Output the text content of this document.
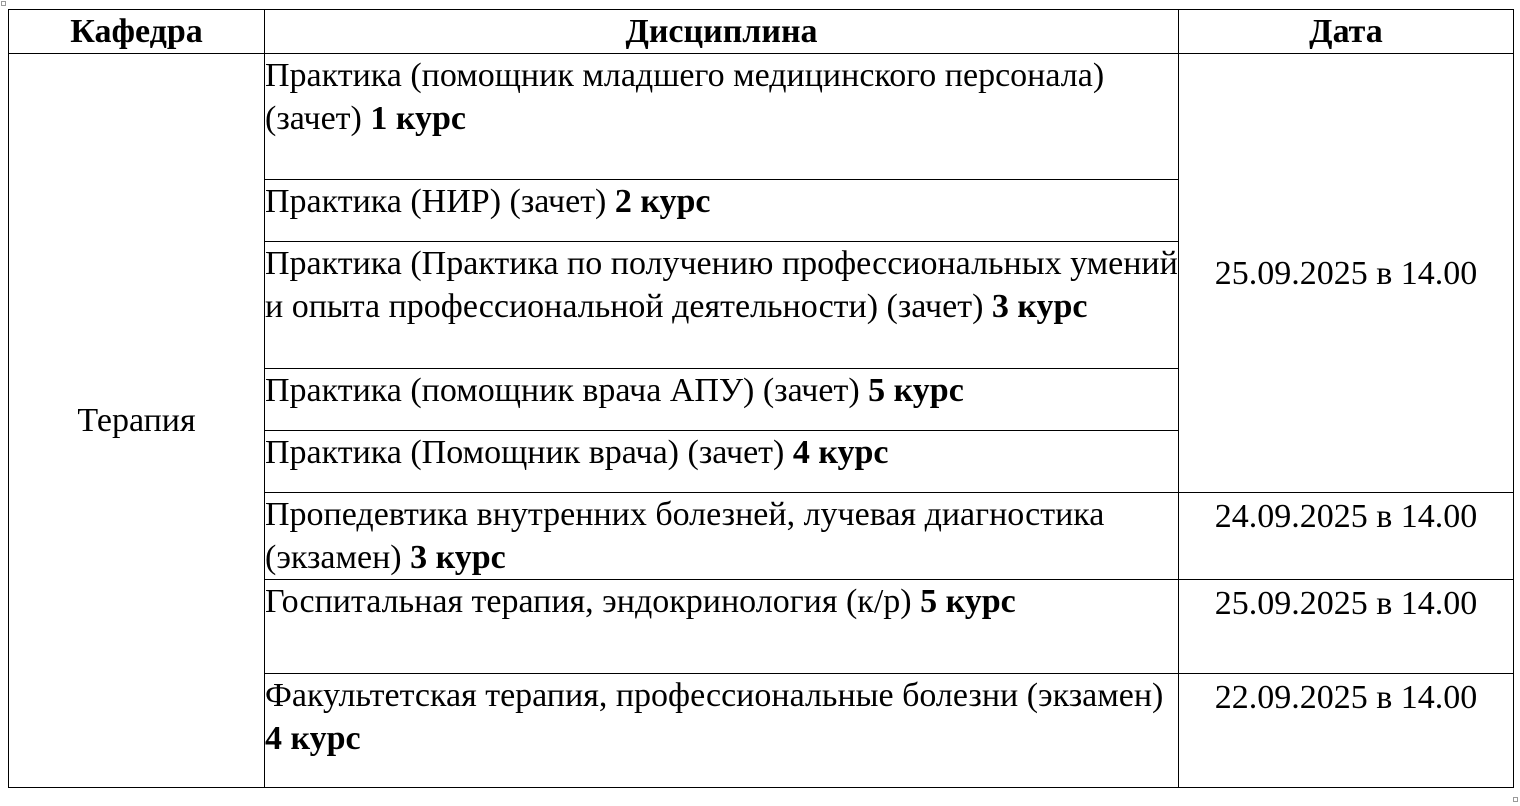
Кафедра	Дисциплина	Дата
Терапия	Практика (помощник младшего медицинского персонала) (зачет) 1 курс	25.09.2025 в 14.00
	Практика (НИР) (зачет) 2 курс	
	Практика (Практика по получению профессиональных умений и опыта профессиональной деятельности) (зачет) 3 курс	
	Практика (помощник врача АПУ) (зачет) 5 курс	
	Практика (Помощник врача) (зачет) 4 курс	
	Пропедевтика внутренних болезней, лучевая диагностика (экзамен) 3 курс	24.09.2025 в 14.00
	Госпитальная терапия, эндокринология (к/р) 5 курс	25.09.2025 в 14.00
	Факультетская терапия, профессиональные болезни (экзамен) 4 курс	22.09.2025 в 14.00
